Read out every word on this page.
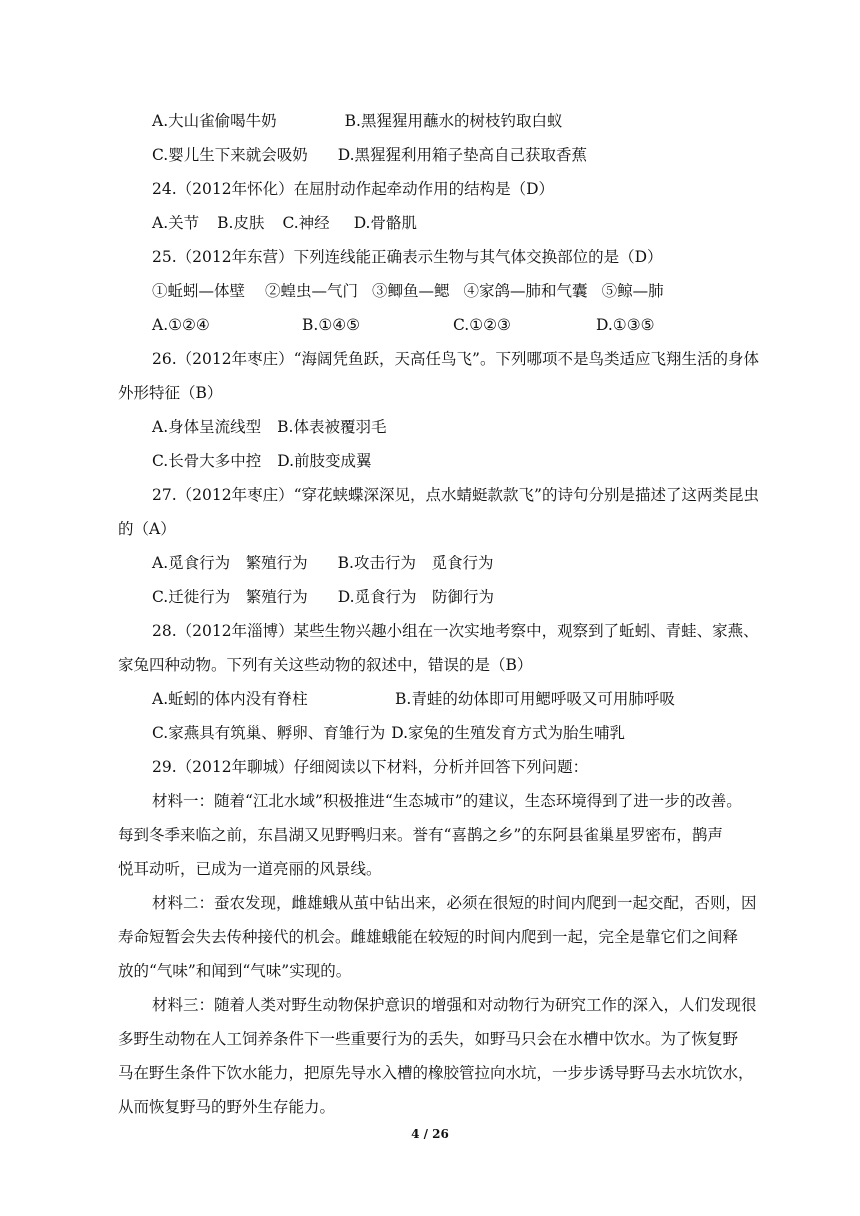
A.大山雀偷喝牛奶	B.黑猩猩用蘸水的树枝钓取白蚁
C.婴儿生下来就会吸奶 D.黑猩猩利用箱子垫高自己获取香蕉
24.（2012年怀化）在屈肘动作起牵动作用的结构是（D）
A.关节 B.皮肤 C.神经 D.骨骼肌
25.（2012年东营）下列连线能正确表示生物与其气体交换部位的是（D）
①蚯蚓—体壁 ②蝗虫—气门 ③鲫鱼—鳃 ④家鸽—肺和气囊 ⑤鲸—肺
A.①②④	B.①④⑤	C.①②③	D.①③⑤
26.（2012年枣庄）“海阔凭鱼跃，天高任鸟飞”。下列哪项不是鸟类适应飞翔生活的身体
外形特征（B）
A.身体呈流线型 B.体表被覆羽毛
C.长骨大多中控 D.前肢变成翼
27.（2012年枣庄）“穿花蛱蝶深深见，点水蜻蜓款款飞”的诗句分别是描述了这两类昆虫
的（A）
A.觅食行为　繁殖行为 B.攻击行为　觅食行为
C.迁徙行为　繁殖行为 D.觅食行为　防御行为
28.（2012年淄博）某些生物兴趣小组在一次实地考察中，观察到了蚯蚓、青蛙、家燕、
家兔四种动物。下列有关这些动物的叙述中，错误的是（B）
A.蚯蚓的体内没有脊柱	B.青蛙的幼体即可用鳃呼吸又可用肺呼吸
C.家燕具有筑巢、孵卵、育雏行为 D.家兔的生殖发育方式为胎生哺乳
29.（2012年聊城）仔细阅读以下材料，分析并回答下列问题：
材料一：随着“江北水域”积极推进“生态城市”的建议，生态环境得到了进一步的改善。
每到冬季来临之前，东昌湖又见野鸭归来。誉有“喜鹊之乡”的东阿县雀巢星罗密布，鹊声
悦耳动听，已成为一道亮丽的风景线。
材料二：蚕农发现，雌雄蛾从茧中钻出来，必须在很短的时间内爬到一起交配，否则，因
寿命短暂会失去传种接代的机会。雌雄蛾能在较短的时间内爬到一起，完全是靠它们之间释
放的“气味”和闻到“气味”实现的。
材料三：随着人类对野生动物保护意识的增强和对动物行为研究工作的深入，人们发现很
多野生动物在人工饲养条件下一些重要行为的丢失，如野马只会在水槽中饮水。为了恢复野
马在野生条件下饮水能力，把原先导水入槽的橡胶管拉向水坑，一步步诱导野马去水坑饮水，
从而恢复野马的野外生存能力。
4 / 26
